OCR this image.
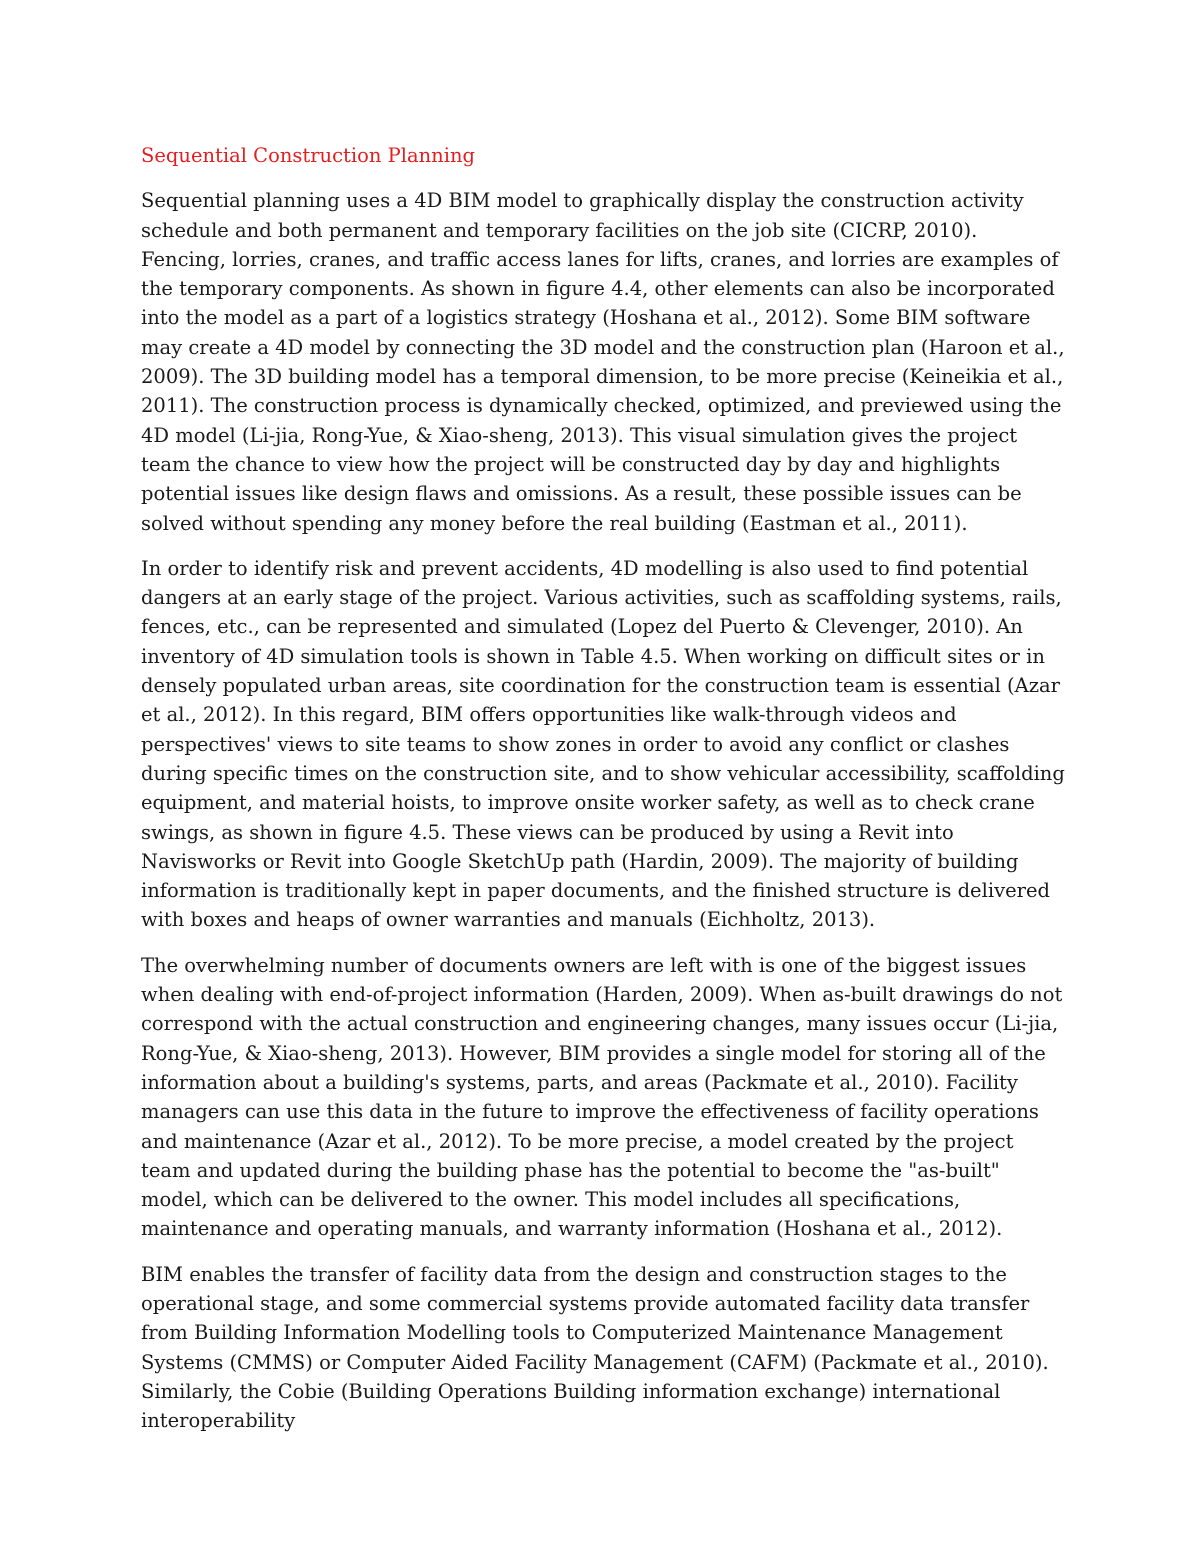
Sequential Construction Planning

Sequential planning uses a 4D BIM model to graphically display the construction activity schedule and both permanent and temporary facilities on the job site (CICRP, 2010). Fencing, lorries, cranes, and traffic access lanes for lifts, cranes, and lorries are examples of the temporary components. As shown in figure 4.4, other elements can also be incorporated into the model as a part of a logistics strategy (Hoshana et al., 2012). Some BIM software may create a 4D model by connecting the 3D model and the construction plan (Haroon et al., 2009). The 3D building model has a temporal dimension, to be more precise (Keineikia et al., 2011). The construction process is dynamically checked, optimized, and previewed using the 4D model (Li-jia, Rong-Yue, & Xiao-sheng, 2013). This visual simulation gives the project team the chance to view how the project will be constructed day by day and highlights potential issues like design flaws and omissions. As a result, these possible issues can be solved without spending any money before the real building (Eastman et al., 2011).

In order to identify risk and prevent accidents, 4D modelling is also used to find potential dangers at an early stage of the project. Various activities, such as scaffolding systems, rails, fences, etc., can be represented and simulated (Lopez del Puerto & Clevenger, 2010). An inventory of 4D simulation tools is shown in Table 4.5. When working on difficult sites or in densely populated urban areas, site coordination for the construction team is essential (Azar et al., 2012). In this regard, BIM offers opportunities like walk-through videos and perspectives' views to site teams to show zones in order to avoid any conflict or clashes during specific times on the construction site, and to show vehicular accessibility, scaffolding equipment, and material hoists, to improve onsite worker safety, as well as to check crane swings, as shown in figure 4.5. These views can be produced by using a Revit into Navisworks or Revit into Google SketchUp path (Hardin, 2009). The majority of building information is traditionally kept in paper documents, and the finished structure is delivered with boxes and heaps of owner warranties and manuals (Eichholtz, 2013).

The overwhelming number of documents owners are left with is one of the biggest issues when dealing with end-of-project information (Harden, 2009). When as-built drawings do not correspond with the actual construction and engineering changes, many issues occur (Li-jia, Rong-Yue, & Xiao-sheng, 2013). However, BIM provides a single model for storing all of the information about a building's systems, parts, and areas (Packmate et al., 2010). Facility managers can use this data in the future to improve the effectiveness of facility operations and maintenance (Azar et al., 2012). To be more precise, a model created by the project team and updated during the building phase has the potential to become the "as-built" model, which can be delivered to the owner. This model includes all specifications, maintenance and operating manuals, and warranty information (Hoshana et al., 2012).

BIM enables the transfer of facility data from the design and construction stages to the operational stage, and some commercial systems provide automated facility data transfer from Building Information Modelling tools to Computerized Maintenance Management Systems (CMMS) or Computer Aided Facility Management (CAFM) (Packmate et al., 2010). Similarly, the Cobie (Building Operations Building information exchange) international interoperability
